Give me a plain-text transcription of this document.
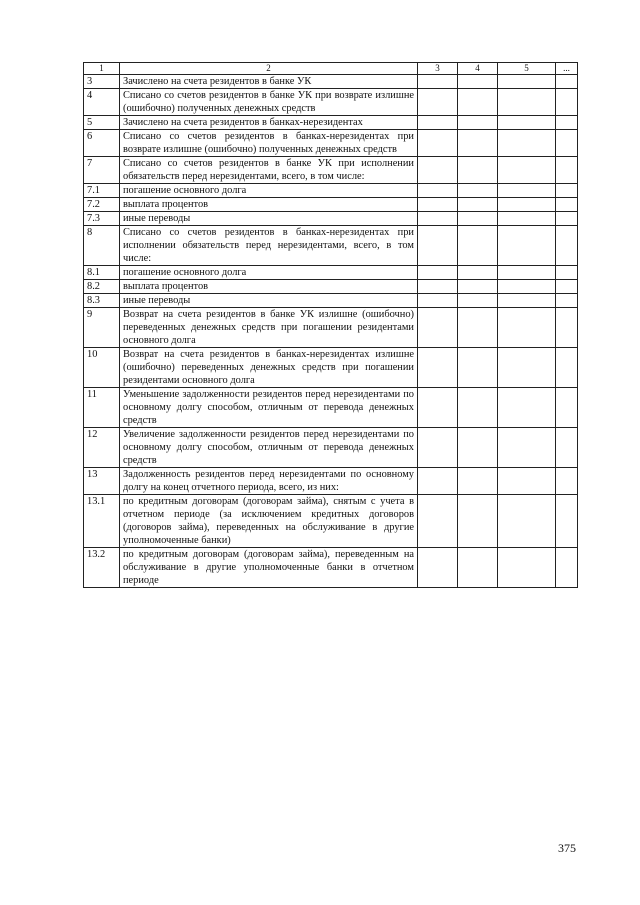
1	2	3	4	5	...
3	Зачислено на счета резидентов в банке УК				
4	Списано со счетов резидентов в банке УК при возврате излишне (ошибочно) полученных денежных средств				
5	Зачислено на счета резидентов в банках-нерезидентах				
6	Списано со счетов резидентов в банках-нерезидентах при возврате излишне (ошибочно) полученных денежных средств				
7	Списано со счетов резидентов в банке УК при исполнении обязательств перед нерезидентами, всего, в том числе:				
7.1	погашение основного долга				
7.2	выплата процентов				
7.3	иные переводы				
8	Списано со счетов резидентов в банках-нерезидентах при исполнении обязательств перед нерезидентами, всего, в том числе:				
8.1	погашение основного долга				
8.2	выплата процентов				
8.3	иные переводы				
9	Возврат на счета резидентов в банке УК излишне (ошибочно) переведенных денежных средств при погашении резидентами основного долга				
10	Возврат на счета резидентов в банках-нерезидентах излишне (ошибочно) переведенных денежных средств при погашении резидентами основного долга				
11	Уменьшение задолженности резидентов перед нерезидентами по основному долгу способом, отличным от перевода денежных средств				
12	Увеличение задолженности резидентов перед нерезидентами по основному долгу способом, отличным от перевода денежных средств				
13	Задолженность резидентов перед нерезидентами по основному долгу на конец отчетного периода, всего, из них:				
13.1	по кредитным договорам (договорам займа), снятым с учета в отчетном периоде (за исключением кредитных договоров (договоров займа), переведенных на обслуживание в другие уполномоченные банки)				
13.2	по кредитным договорам (договорам займа), переведенным на обслуживание в другие уполномоченные банки в отчетном периоде				
375
